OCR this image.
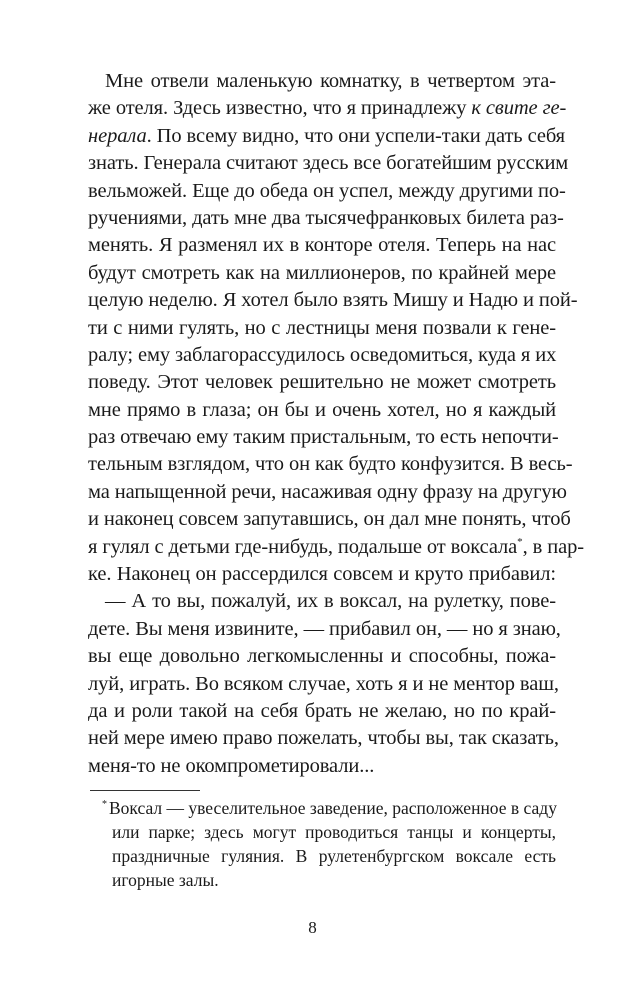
Мне отвели маленькую комнатку, в четвертом эта-
же отеля. Здесь известно, что я принадлежу к свите ге-
нерала. По всему видно, что они успели-таки дать себя
знать. Генерала считают здесь все богатейшим русским
вельможей. Еще до обеда он успел, между другими по-
ручениями, дать мне два тысячефранковых билета раз-
менять. Я разменял их в конторе отеля. Теперь на нас
будут смотреть как на миллионеров, по крайней мере
целую неделю. Я хотел было взять Мишу и Надю и пой-
ти с ними гулять, но с лестницы меня позвали к гене-
ралу; ему заблагорассудилось осведомиться, куда я их
поведу. Этот человек решительно не может смотреть
мне прямо в глаза; он бы и очень хотел, но я каждый
раз отвечаю ему таким пристальным, то есть непочти-
тельным взглядом, что он как будто конфузится. В весь-
ма напыщенной речи, насаживая одну фразу на другую
и наконец совсем запутавшись, он дал мне понять, чтоб
я гулял с детьми где-нибудь, подальше от воксала*, в пар-
ке. Наконец он рассердился совсем и круто прибавил:
— А то вы, пожалуй, их в воксал, на рулетку, пове-
дете. Вы меня извините, — прибавил он, — но я знаю,
вы еще довольно легкомысленны и способны, пожа-
луй, играть. Во всяком случае, хоть я и не ментор ваш,
да и роли такой на себя брать не желаю, но по край-
ней мере имею право пожелать, чтобы вы, так сказать,
меня-то не окомпрометировали...
* Воксал — увеселительное заведение, расположенное в саду
или парке; здесь могут проводиться танцы и концерты,
праздничные гуляния. В рулетенбургском воксале есть
игорные залы.
8
